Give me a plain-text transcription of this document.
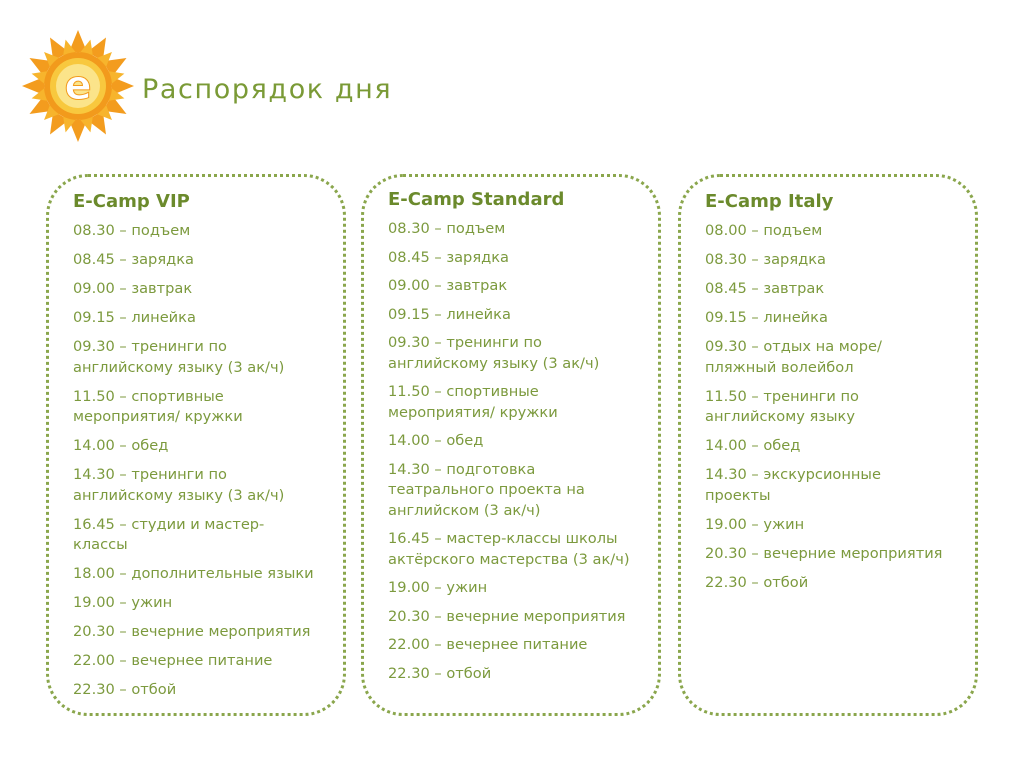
e Распорядок дня
E-Camp VIP
08.30 – подъем
08.45 – зарядка
09.00 – завтрак
09.15 – линейка
09.30 – тренинги по
английскому языку (3 ак/ч)
11.50 – спортивные
мероприятия/ кружки
14.00 – обед
14.30 – тренинги по
английскому языку (3 ак/ч)
16.45 – студии и мастер-
классы
18.00 – дополнительные языки
19.00 – ужин
20.30 – вечерние мероприятия
22.00 – вечернее питание
22.30 – отбой
E-Camp Standard
08.30 – подъем
08.45 – зарядка
09.00 – завтрак
09.15 – линейка
09.30 – тренинги по
английскому языку (3 ак/ч)
11.50 – спортивные
мероприятия/ кружки
14.00 – обед
14.30 – подготовка
театрального проекта на
английском (3 ак/ч)
16.45 – мастер-классы школы
актёрского мастерства (3 ак/ч)
19.00 – ужин
20.30 – вечерние мероприятия
22.00 – вечернее питание
22.30 – отбой
E-Camp Italy
08.00 – подъем
08.30 – зарядка
08.45 – завтрак
09.15 – линейка
09.30 – отдых на море/
пляжный волейбол
11.50 – тренинги по
английскому языку
14.00 – обед
14.30 – экскурсионные
проекты
19.00 – ужин
20.30 – вечерние мероприятия
22.30 – отбой
